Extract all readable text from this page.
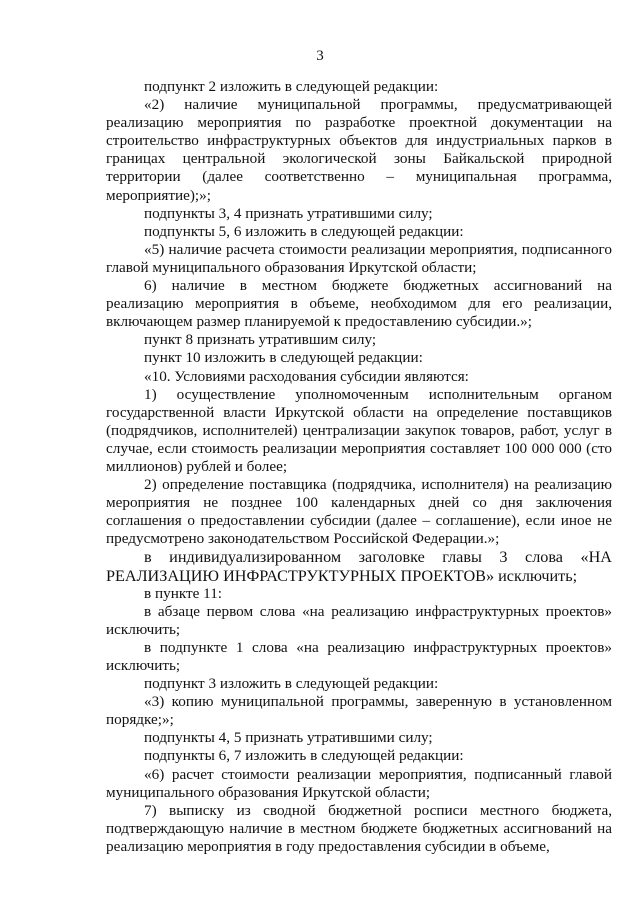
3

подпункт 2 изложить в следующей редакции:

«2) наличие муниципальной программы, предусматривающей реализацию мероприятия по разработке проектной документации на строительство инфраструктурных объектов для индустриальных парков в границах центральной экологической зоны Байкальской природной территории (далее соответственно – муниципальная программа, мероприятие);»;

подпункты 3, 4 признать утратившими силу;

подпункты 5, 6 изложить в следующей редакции:

«5) наличие расчета стоимости реализации мероприятия, подписанного главой муниципального образования Иркутской области;

6) наличие в местном бюджете бюджетных ассигнований на реализацию мероприятия в объеме, необходимом для его реализации, включающем размер планируемой к предоставлению субсидии.»;

пункт 8 признать утратившим силу;

пункт 10 изложить в следующей редакции:

«10. Условиями расходования субсидии являются:

1) осуществление уполномоченным исполнительным органом государственной власти Иркутской области на определение поставщиков (подрядчиков, исполнителей) централизации закупок товаров, работ, услуг в случае, если стоимость реализации мероприятия составляет 100 000 000 (сто миллионов) рублей и более;

2) определение поставщика (подрядчика, исполнителя) на реализацию мероприятия не позднее 100 календарных дней со дня заключения соглашения о предоставлении субсидии (далее – соглашение), если иное не предусмотрено законодательством Российской Федерации.»;

в индивидуализированном заголовке главы 3 слова «НА РЕАЛИЗАЦИЮ ИНФРАСТРУКТУРНЫХ ПРОЕКТОВ» исключить;

в пункте 11:

в абзаце первом слова «на реализацию инфраструктурных проектов» исключить;

в подпункте 1 слова «на реализацию инфраструктурных проектов» исключить;

подпункт 3 изложить в следующей редакции:

«3) копию муниципальной программы, заверенную в установленном порядке;»;

подпункты 4, 5 признать утратившими силу;

подпункты 6, 7 изложить в следующей редакции:

«6) расчет стоимости реализации мероприятия, подписанный главой муниципального образования Иркутской области;

7) выписку из сводной бюджетной росписи местного бюджета, подтверждающую наличие в местном бюджете бюджетных ассигнований на реализацию мероприятия в году предоставления субсидии в объеме,
